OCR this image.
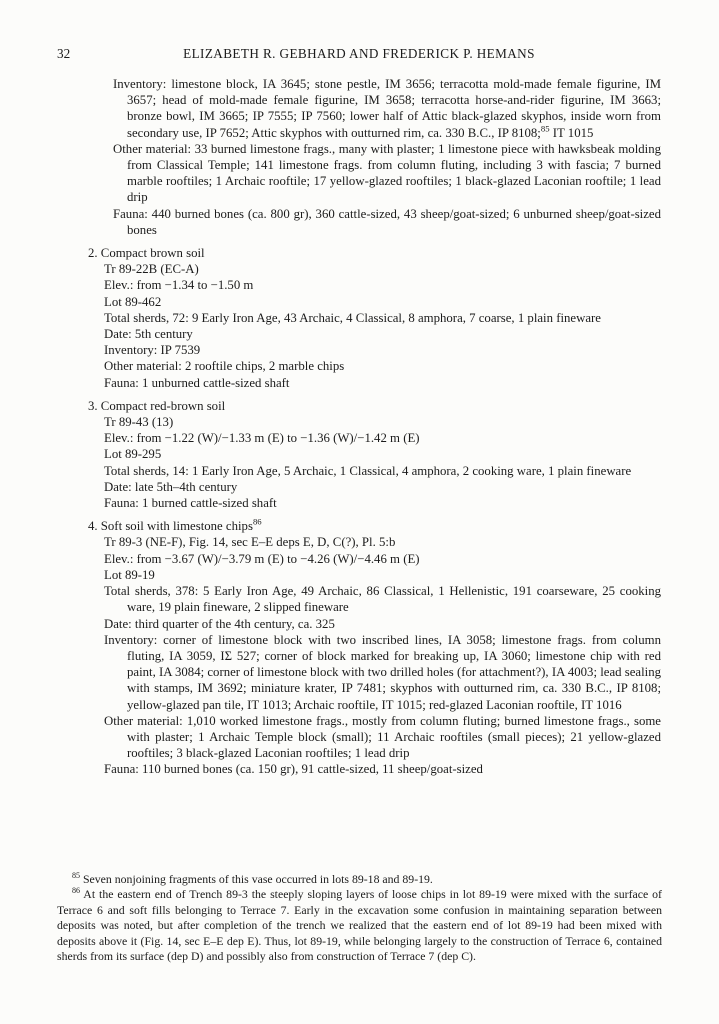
32	ELIZABETH R. GEBHARD AND FREDERICK P. HEMANS

Inventory: limestone block, IA 3645; stone pestle, IM 3656; terracotta mold-made female figurine, IM 3657; head of mold-made female figurine, IM 3658; terracotta horse-and-rider figurine, IM 3663; bronze bowl, IM 3665; IP 7555; IP 7560; lower half of Attic black-glazed skyphos, inside worn from secondary use, IP 7652; Attic skyphos with outturned rim, ca. 330 B.C., IP 8108;$^{85}$ IT 1015

Other material: 33 burned limestone frags., many with plaster; 1 limestone piece with hawksbeak molding from Classical Temple; 141 limestone frags. from column fluting, including 3 with fascia; 7 burned marble rooftiles; 1 Archaic rooftile; 17 yellow-glazed rooftiles; 1 black-glazed Laconian rooftile; 1 lead drip

Fauna: 440 burned bones (ca. 800 gr), 360 cattle-sized, 43 sheep/goat-sized; 6 unburned sheep/goat-sized bones

2. Compact brown soil

Tr 89-22B (EC-A)

Elev.: from −1.34 to −1.50 m

Lot 89-462

Total sherds, 72: 9 Early Iron Age, 43 Archaic, 4 Classical, 8 amphora, 7 coarse, 1 plain fineware

Date: 5th century

Inventory: IP 7539

Other material: 2 rooftile chips, 2 marble chips

Fauna: 1 unburned cattle-sized shaft

3. Compact red-brown soil

Tr 89-43 (13)

Elev.: from −1.22 (W)/−1.33 m (E) to −1.36 (W)/−1.42 m (E)

Lot 89-295

Total sherds, 14: 1 Early Iron Age, 5 Archaic, 1 Classical, 4 amphora, 2 cooking ware, 1 plain fineware

Date: late 5th–4th century

Fauna: 1 burned cattle-sized shaft

4. Soft soil with limestone chips$^{86}$

Tr 89-3 (NE-F), Fig. 14, sec E–E deps E, D, C(?), Pl. 5:b

Elev.: from −3.67 (W)/−3.79 m (E) to −4.26 (W)/−4.46 m (E)

Lot 89-19

Total sherds, 378: 5 Early Iron Age, 49 Archaic, 86 Classical, 1 Hellenistic, 191 coarseware, 25 cooking ware, 19 plain fineware, 2 slipped fineware

Date: third quarter of the 4th century, ca. 325

Inventory: corner of limestone block with two inscribed lines, IA 3058; limestone frags. from column fluting, IA 3059, IΣ 527; corner of block marked for breaking up, IA 3060; limestone chip with red paint, IA 3084; corner of limestone block with two drilled holes (for attachment?), IA 4003; lead sealing with stamps, IM 3692; miniature krater, IP 7481; skyphos with outturned rim, ca. 330 B.C., IP 8108; yellow-glazed pan tile, IT 1013; Archaic rooftile, IT 1015; red-glazed Laconian rooftile, IT 1016

Other material: 1,010 worked limestone frags., mostly from column fluting; burned limestone frags., some with plaster; 1 Archaic Temple block (small); 11 Archaic rooftiles (small pieces); 21 yellow-glazed rooftiles; 3 black-glazed Laconian rooftiles; 1 lead drip

Fauna: 110 burned bones (ca. 150 gr), 91 cattle-sized, 11 sheep/goat-sized

$^{85}$ Seven nonjoining fragments of this vase occurred in lots 89-18 and 89-19.

$^{86}$ At the eastern end of Trench 89-3 the steeply sloping layers of loose chips in lot 89-19 were mixed with the surface of Terrace 6 and soft fills belonging to Terrace 7. Early in the excavation some confusion in maintaining separation between deposits was noted, but after completion of the trench we realized that the eastern end of lot 89-19 had been mixed with deposits above it (Fig. 14, sec E–E dep E). Thus, lot 89-19, while belonging largely to the construction of Terrace 6, contained sherds from its surface (dep D) and possibly also from construction of Terrace 7 (dep C).
